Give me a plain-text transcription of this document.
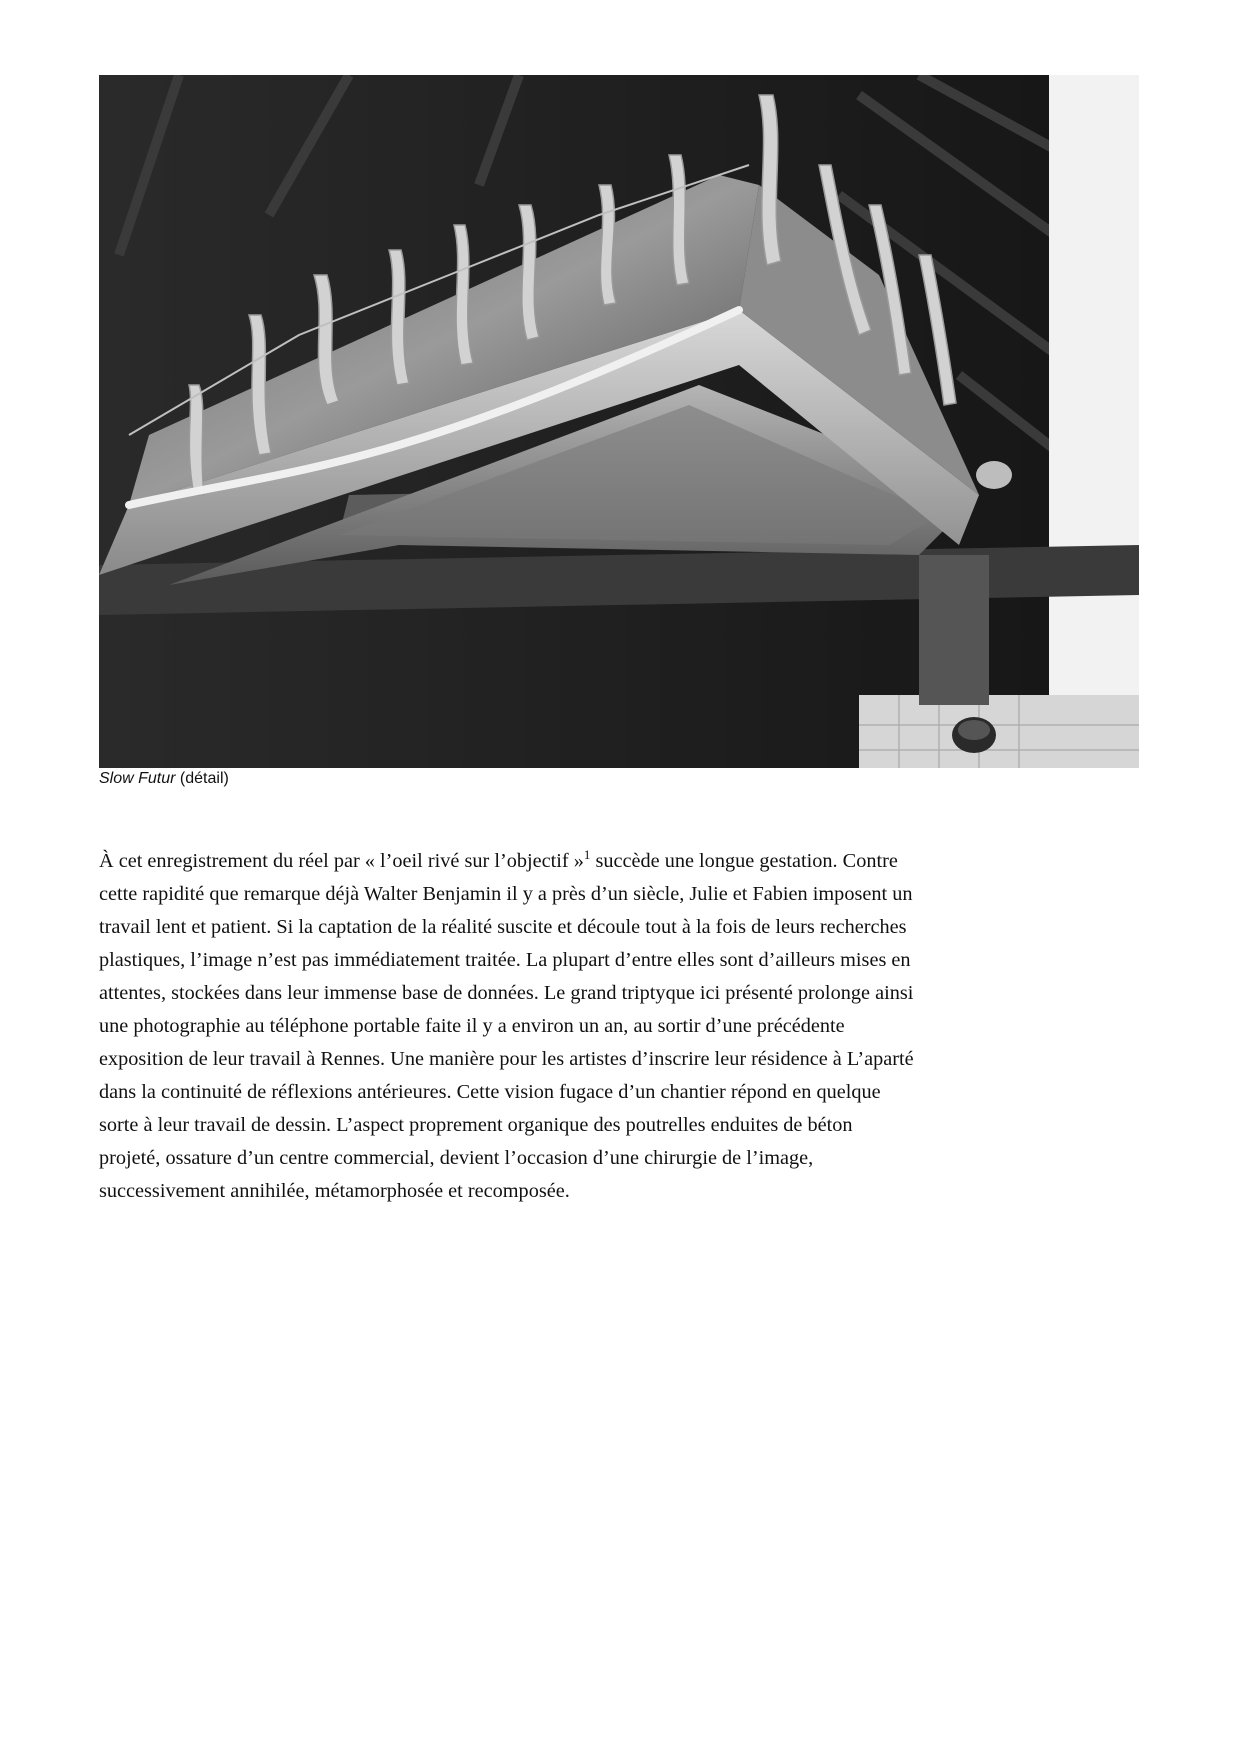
Slow Futur (détail)
À cet enregistrement du réel par « l’oeil rivé sur l’objectif »$^1$ succède une longue gestation. Contre
cette rapidité que remarque déjà Walter Benjamin il y a près d’un siècle, Julie et Fabien imposent un
travail lent et patient. Si la captation de la réalité suscite et découle tout à la fois de leurs recherches
plastiques, l’image n’est pas immédiatement traitée. La plupart d’entre elles sont d’ailleurs mises en
attentes, stockées dans leur immense base de données. Le grand triptyque ici présenté prolonge ainsi
une photographie au téléphone portable faite il y a environ un an, au sortir d’une précédente
exposition de leur travail à Rennes. Une manière pour les artistes d’inscrire leur résidence à L’aparté
dans la continuité de réflexions antérieures. Cette vision fugace d’un chantier répond en quelque
sorte à leur travail de dessin. L’aspect proprement organique des poutrelles enduites de béton
projeté, ossature d’un centre commercial, devient l’occasion d’une chirurgie de l’image,
successivement annihilée, métamorphosée et recomposée.
